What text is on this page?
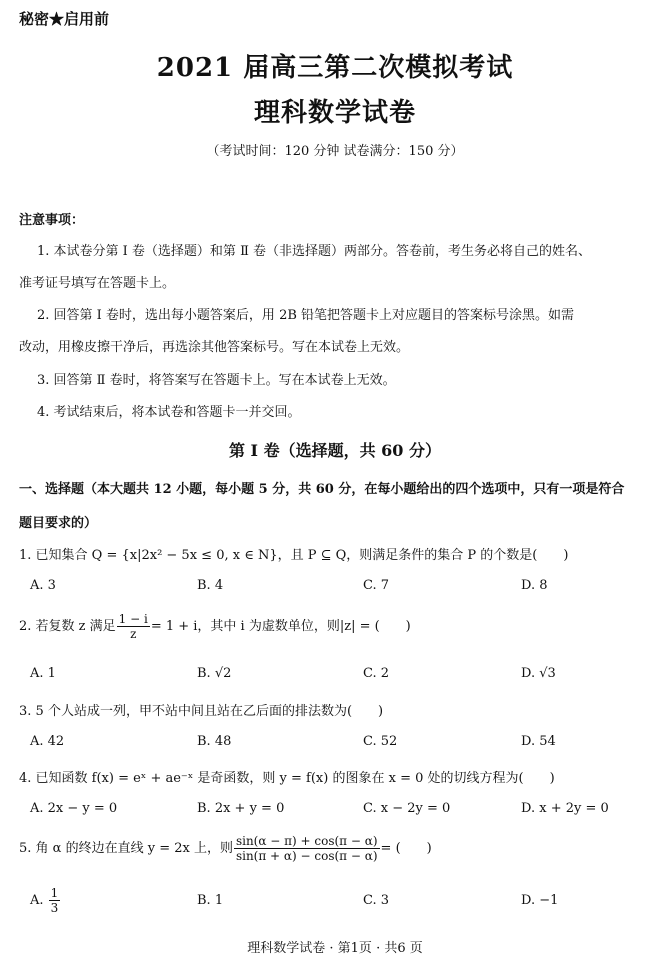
秘密★启用前
2021 届高三第二次模拟考试
理科数学试卷
（考试时间：120 分钟 试卷满分：150 分）
注意事项：
1. 本试卷分第 Ⅰ 卷（选择题）和第 Ⅱ 卷（非选择题）两部分。答卷前，考生务必将自己的姓名、
准考证号填写在答题卡上。
2. 回答第 Ⅰ 卷时，选出每小题答案后，用 2B 铅笔把答题卡上对应题目的答案标号涂黑。如需
改动，用橡皮擦干净后，再选涂其他答案标号。写在本试卷上无效。
3. 回答第 Ⅱ 卷时，将答案写在答题卡上。写在本试卷上无效。
4. 考试结束后，将本试卷和答题卡一并交回。
第 Ⅰ 卷（选择题，共 60 分）
一、选择题（本大题共 12 小题，每小题 5 分，共 60 分，在每小题给出的四个选项中，只有一项是符合
题目要求的）
1. 已知集合 Q = {x|2x² − 5x ≤ 0, x ∈ N}，且 P ⊆ Q，则满足条件的集合 P 的个数是(　　)
A. 3	B. 4	C. 7	D. 8
2. 若复数 z 满足 $\frac{1 - i}{z} = 1 + i$，其中 i 为虚数单位，则|z| = (　　)
A. 1	B. √2	C. 2	D. √3
3. 5 个人站成一列，甲不站中间且站在乙后面的排法数为(　　)
A. 42	B. 48	C. 52	D. 54
4. 已知函数 f(x) = eˣ + ae⁻ˣ 是奇函数，则 y = f(x) 的图象在 x = 0 处的切线方程为(　　)
A. 2x − y = 0	B. 2x + y = 0	C. x − 2y = 0	D. x + 2y = 0
5. 角 α 的终边在直线 y = 2x 上，则 $\frac{\sin(\alpha - \pi) + \cos(\pi - \alpha)}{\sin(\pi + \alpha) - \cos(\pi - \alpha)}$ = (　　)
A. $\frac{1}{3}$	B. 1	C. 3	D. −1
理科数学试卷 · 第1页 · 共6 页
